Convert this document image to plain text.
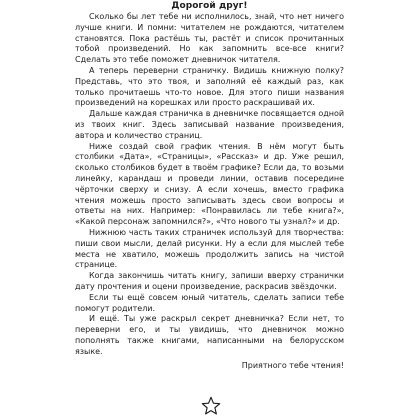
Дорогой друг!

Сколько бы лет тебе ни исполнилось, знай, что нет ничего лучше книги. И помни: читателем не рождаются, читателем становятся. Пока растёшь ты, растёт и список прочитанных тобой произведений. Но как запомнить все-все книги? Сделать это тебе поможет дневничок читателя.

А теперь переверни страничку. Видишь книжную полку? Представь, что это твоя, и заполняй её каждый раз, как только прочитаешь что-то новое. Для этого пиши названия произведений на корешках или просто раскрашивай их.

Дальше каждая страничка в дневничке посвящается одной из твоих книг. Здесь записывай название произведения, автора и количество страниц.

Ниже создай свой график чтения. В нём могут быть столбики «Дата», «Страницы», «Рассказ» и др. Уже решил, сколько столбиков будет в твоём графике? Если да, то возьми линейку, карандаш и проведи линии, оставив посередине чёрточки сверху и снизу. А если хочешь, вместо графика чтения можешь просто записывать здесь свои вопросы и ответы на них. Например: «Понравилась ли тебе книга?», «Какой персонаж запомнился?», «Что нового ты узнал?» и др.

Нижнюю часть таких страничек используй для творчества: пиши свои мысли, делай рисунки. Ну а если для мыслей тебе места не хватило, можешь продолжить запись на чистой странице.

Когда закончишь читать книгу, запиши вверху странички дату прочтения и оцени произведение, раскрасив звёздочки.

Если ты ещё совсем юный читатель, сделать записи тебе помогут родители.

И ещё. Ты уже раскрыл секрет дневничка? Если нет, то переверни его, и ты увидишь, что дневничок можно пополнять также книгами, написанными на белорусском языке.

Приятного тебе чтения!
